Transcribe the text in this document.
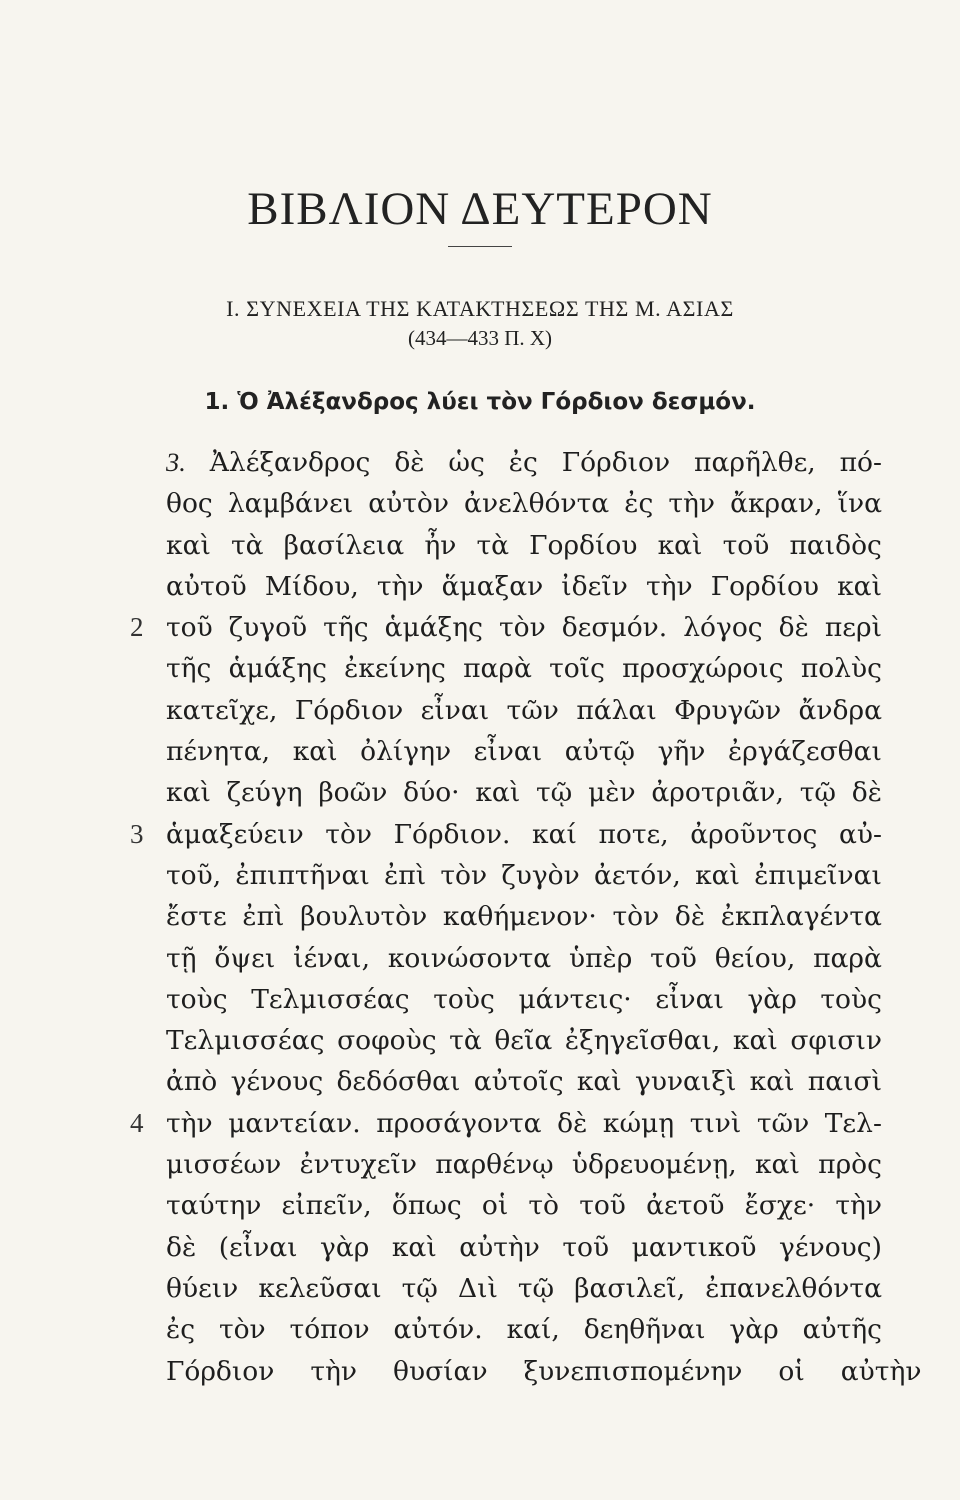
ΒΙΒΛΙΟΝ ΔΕΥΤΕΡΟΝ
Ι. ΣΥΝΕΧΕΙΑ ΤΗΣ ΚΑΤΑΚΤΗΣΕΩΣ ΤΗΣ Μ. ΑΣΙΑΣ
(434—433 Π. Χ)
1. Ὁ Ἀλέξανδρος λύει τὸν Γόρδιον δεσμόν.
3. Ἀλέξανδρος δὲ ὡς ἐς Γόρδιον παρῆλθε, πό-
θος λαμβάνει αὐτὸν ἀνελθόντα ἐς τὴν ἄκραν, ἵνα
καὶ τὰ βασίλεια ἦν τὰ Γορδίου καὶ τοῦ παιδὸς
αὐτοῦ Μίδου, τὴν ἅμαξαν ἰδεῖν τὴν Γορδίου καὶ
2 τοῦ ζυγοῦ τῆς ἁμάξης τὸν δεσμόν. λόγος δὲ περὶ
τῆς ἁμάξης ἐκείνης παρὰ τοῖς προσχώροις πολὺς
κατεῖχε, Γόρδιον εἶναι τῶν πάλαι Φρυγῶν ἄνδρα
πένητα, καὶ ὀλίγην εἶναι αὐτῷ γῆν ἐργάζεσθαι
καὶ ζεύγη βοῶν δύο· καὶ τῷ μὲν ἀροτριᾶν, τῷ δὲ
3 ἁμαξεύειν τὸν Γόρδιον. καί ποτε, ἀροῦντος αὐ-
τοῦ, ἐπιπτῆναι ἐπὶ τὸν ζυγὸν ἀετόν, καὶ ἐπιμεῖναι
ἔστε ἐπὶ βουλυτὸν καθήμενον· τὸν δὲ ἐκπλαγέντα
τῇ ὄψει ἰέναι, κοινώσοντα ὑπὲρ τοῦ θείου, παρὰ
τοὺς Τελμισσέας τοὺς μάντεις· εἶναι γὰρ τοὺς
Τελμισσέας σοφοὺς τὰ θεῖα ἐξηγεῖσθαι, καὶ σφισιν
ἀπὸ γένους δεδόσθαι αὐτοῖς καὶ γυναιξὶ καὶ παισὶ
4 τὴν μαντείαν. προσάγοντα δὲ κώμῃ τινὶ τῶν Τελ-
μισσέων ἐντυχεῖν παρθένῳ ὑδρευομένῃ, καὶ πρὸς
ταύτην εἰπεῖν, ὅπως οἱ τὸ τοῦ ἀετοῦ ἔσχε· τὴν
δὲ (εἶναι γὰρ καὶ αὐτὴν τοῦ μαντικοῦ γένους)
θύειν κελεῦσαι τῷ Διὶ τῷ βασιλεῖ, ἐπανελθόντα
ἐς τὸν τόπον αὐτόν. καί, δεηθῆναι γὰρ αὐτῆς
Γόρδιον τὴν θυσίαν ξυνεπισπομένην οἱ αὐτὴν
